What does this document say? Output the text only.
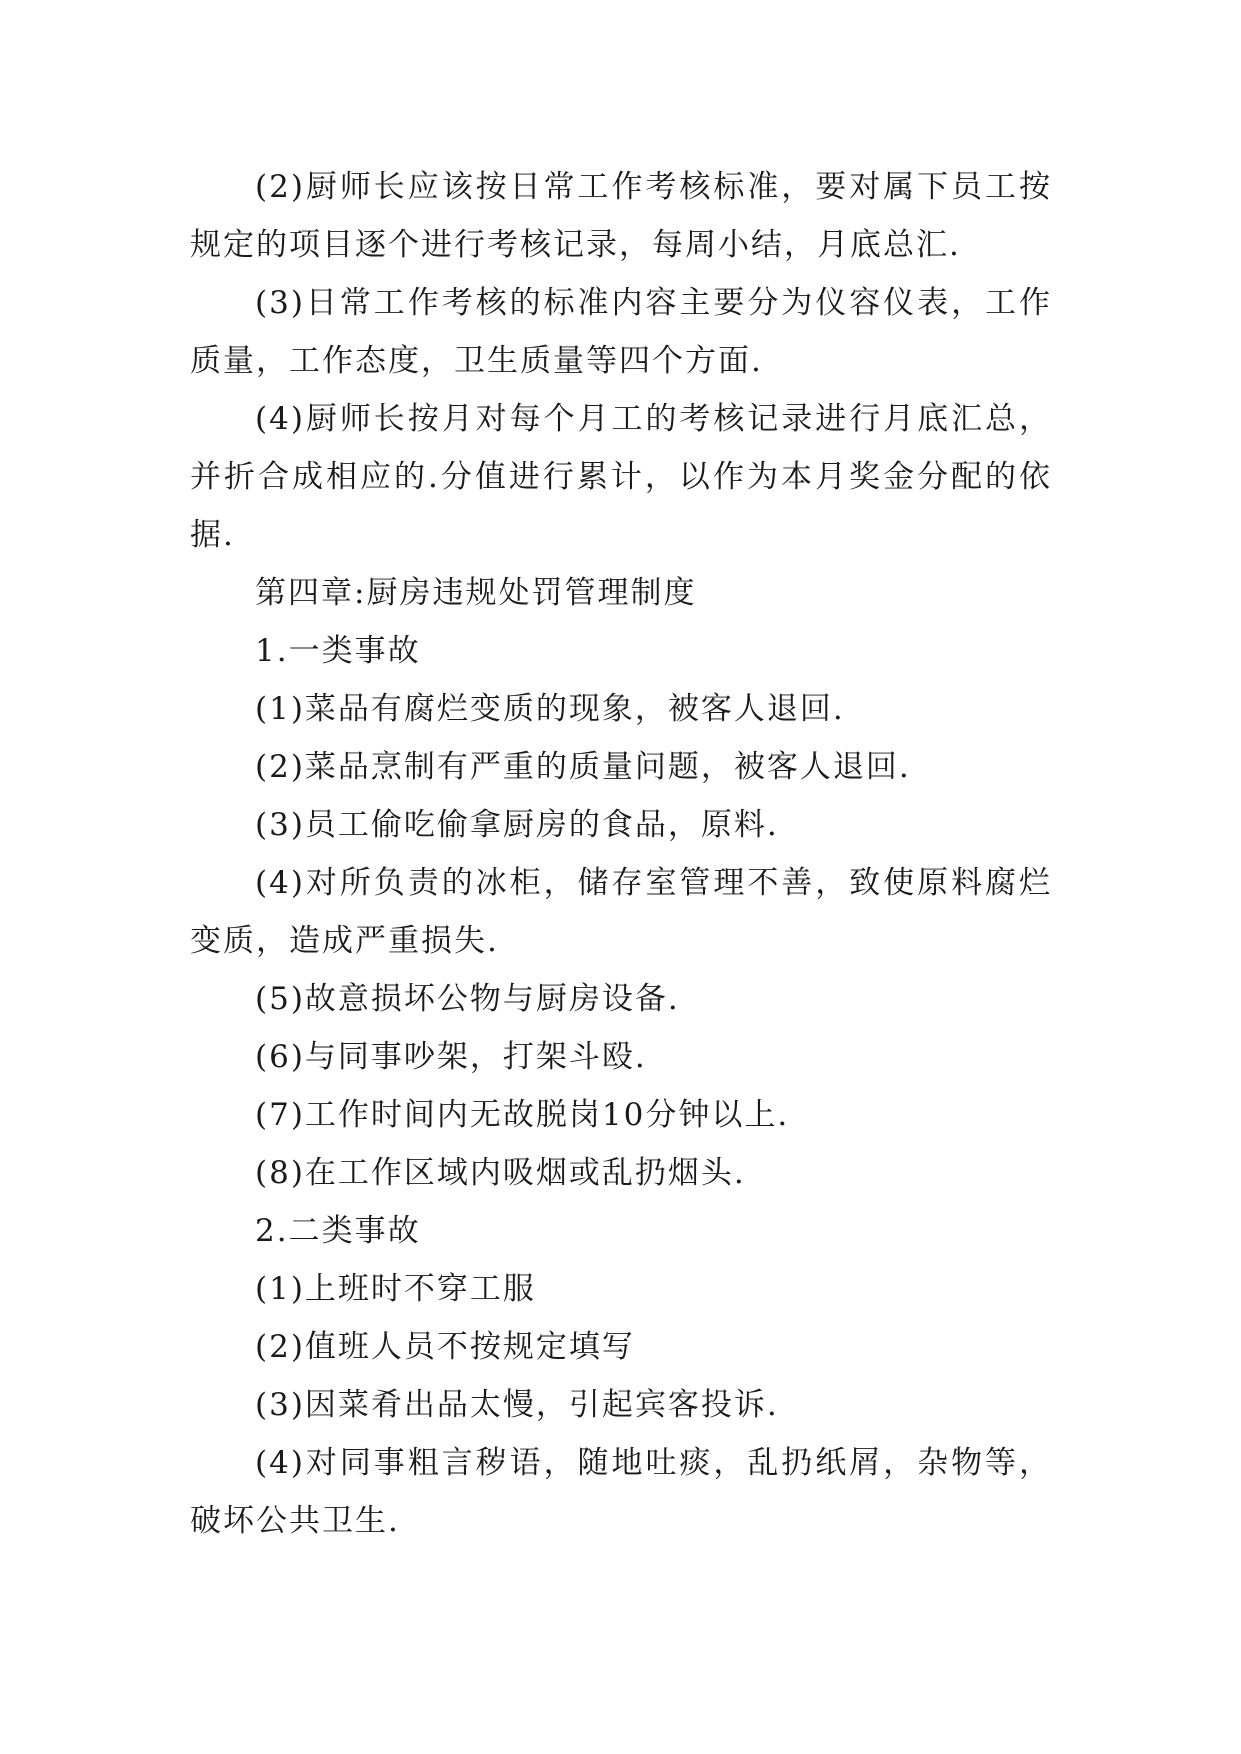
(2)厨师长应该按日常工作考核标准，要对属下员工按规定的项目逐个进行考核记录，每周小结，月底总汇.

(3)日常工作考核的标准内容主要分为仪容仪表，工作质量，工作态度，卫生质量等四个方面.

(4)厨师长按月对每个月工的考核记录进行月底汇总，并折合成相应的.分值进行累计，以作为本月奖金分配的依据.

第四章:厨房违规处罚管理制度

1.一类事故

(1)菜品有腐烂变质的现象，被客人退回.

(2)菜品烹制有严重的质量问题，被客人退回.

(3)员工偷吃偷拿厨房的食品，原料.

(4)对所负责的冰柜，储存室管理不善，致使原料腐烂变质，造成严重损失.

(5)故意损坏公物与厨房设备.

(6)与同事吵架，打架斗殴.

(7)工作时间内无故脱岗10分钟以上.

(8)在工作区域内吸烟或乱扔烟头.

2.二类事故

(1)上班时不穿工服

(2)值班人员不按规定填写

(3)因菜肴出品太慢，引起宾客投诉.

(4)对同事粗言秽语，随地吐痰，乱扔纸屑，杂物等，破坏公共卫生.
